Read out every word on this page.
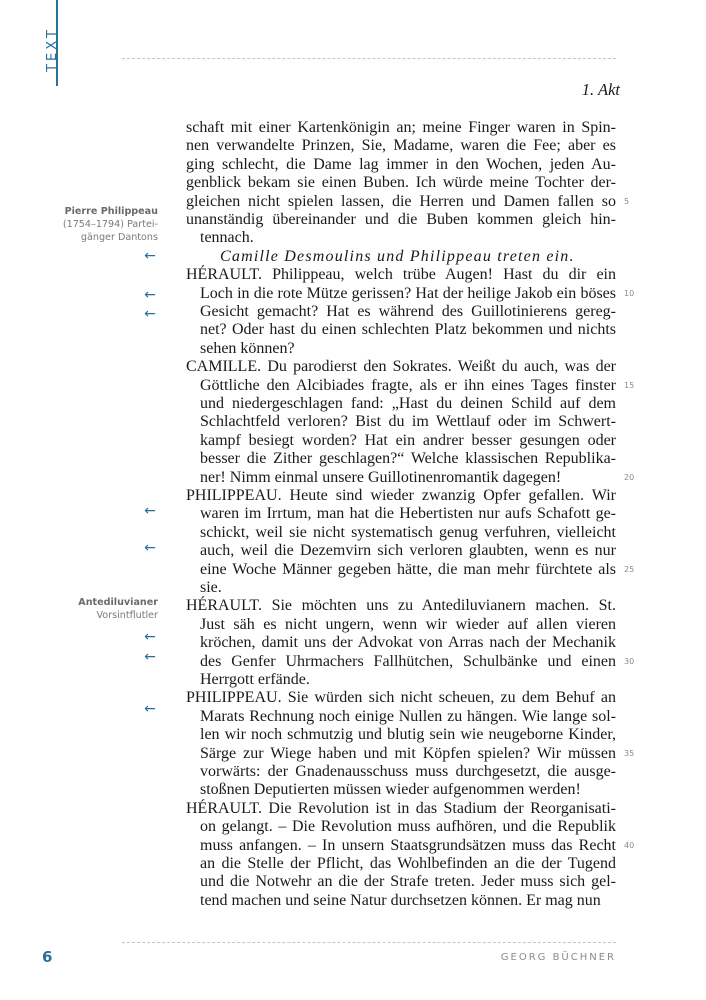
TEXT
1. Akt
schaft mit einer Kartenkönigin an; meine Finger waren in Spin-
nen verwandelte Prinzen, Sie, Madame, waren die Fee; aber es
ging schlecht, die Dame lag immer in den Wochen, jeden Au-
genblick bekam sie einen Buben. Ich würde meine Tochter der-
gleichen nicht spielen lassen, die Herren und Damen fallen so
unanständig übereinander und die Buben kommen gleich hin-
tennach.
Camille Desmoulins und Philippeau treten ein.
HÉRAULT. Philippeau, welch trübe Augen! Hast du dir ein
Loch in die rote Mütze gerissen? Hat der heilige Jakob ein böses
Gesicht gemacht? Hat es während des Guillotinierens gereg-
net? Oder hast du einen schlechten Platz bekommen und nichts
sehen können?
CAMILLE. Du parodierst den Sokrates. Weißt du auch, was der
Göttliche den Alcibiades fragte, als er ihn eines Tages finster
und niedergeschlagen fand: „Hast du deinen Schild auf dem
Schlachtfeld verloren? Bist du im Wettlauf oder im Schwert-
kampf besiegt worden? Hat ein andrer besser gesungen oder
besser die Zither geschlagen?“ Welche klassischen Republika-
ner! Nimm einmal unsere Guillotinenromantik dagegen!
PHILIPPEAU. Heute sind wieder zwanzig Opfer gefallen. Wir
waren im Irrtum, man hat die Hebertisten nur aufs Schafott ge-
schickt, weil sie nicht systematisch genug verfuhren, vielleicht
auch, weil die Dezemvirn sich verloren glaubten, wenn es nur
eine Woche Männer gegeben hätte, die man mehr fürchtete als
sie.
HÉRAULT. Sie möchten uns zu Antediluvianern machen. St.
Just säh es nicht ungern, wenn wir wieder auf allen vieren
kröchen, damit uns der Advokat von Arras nach der Mechanik
des Genfer Uhrmachers Fallhütchen, Schulbänke und einen
Herrgott erfände.
PHILIPPEAU. Sie würden sich nicht scheuen, zu dem Behuf an
Marats Rechnung noch einige Nullen zu hängen. Wie lange sol-
len wir noch schmutzig und blutig sein wie neugeborne Kinder,
Särge zur Wiege haben und mit Köpfen spielen? Wir müssen
vorwärts: der Gnadenausschuss muss durchgesetzt, die ausge-
stoßnen Deputierten müssen wieder aufgenommen werden!
HÉRAULT. Die Revolution ist in das Stadium der Reorganisati-
on gelangt. – Die Revolution muss aufhören, und die Republik
muss anfangen. – In unsern Staatsgrundsätzen muss das Recht
an die Stelle der Pflicht, das Wohlbefinden an die der Tugend
und die Notwehr an die der Strafe treten. Jeder muss sich gel-
tend machen und seine Natur durchsetzen können. Er mag nun
5
10
15
20
25
30
35
40
Pierre Philippeau
(1754–1794) Partei-
gänger Dantons
Antediluvianer
Vorsintflutler
←
←
←
←
←
←
←
←
6	GEORG BÜCHNER
